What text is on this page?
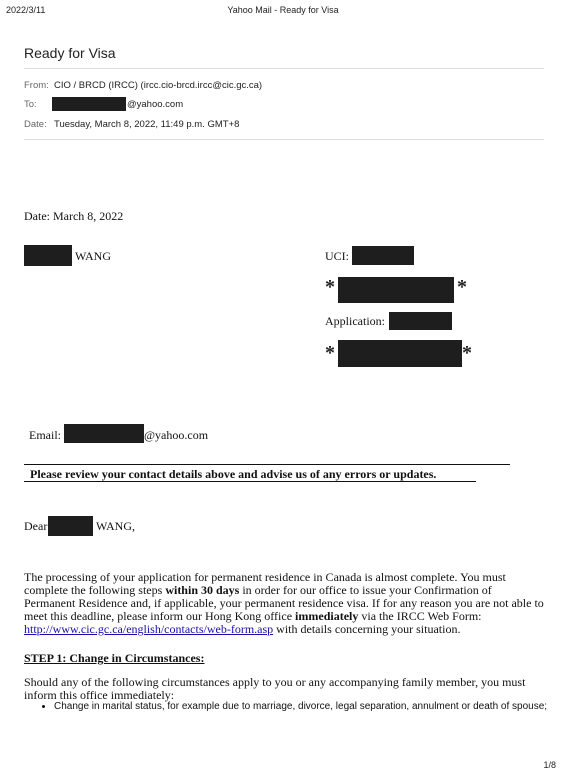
2022/3/11	Yahoo Mail - Ready for Visa
Ready for Visa
From: CIO / BRCD (IRCC) (ircc.cio-brcd.ircc@cic.gc.ca)
To:	@yahoo.com
Date: Tuesday, March 8, 2022, 11:49 p.m. GMT+8
Date: March 8, 2022
WANG	UCI:
*	*
Application:
*	*
Email:	@yahoo.com
Please review your contact details above and advise us of any errors or updates.
Dear	WANG,
The processing of your application for permanent residence in Canada is almost complete. You must complete the following steps within 30 days in order for our office to issue your Confirmation of Permanent Residence and, if applicable, your permanent residence visa. If for any reason you are not able to meet this deadline, please inform our Hong Kong office immediately via the IRCC Web Form: http://www.cic.gc.ca/english/contacts/web-form.asp with details concerning your situation.
STEP 1: Change in Circumstances:
Should any of the following circumstances apply to you or any accompanying family member, you must inform this office immediately:
• Change in marital status, for example due to marriage, divorce, legal separation, annulment or death of spouse;
1/8
